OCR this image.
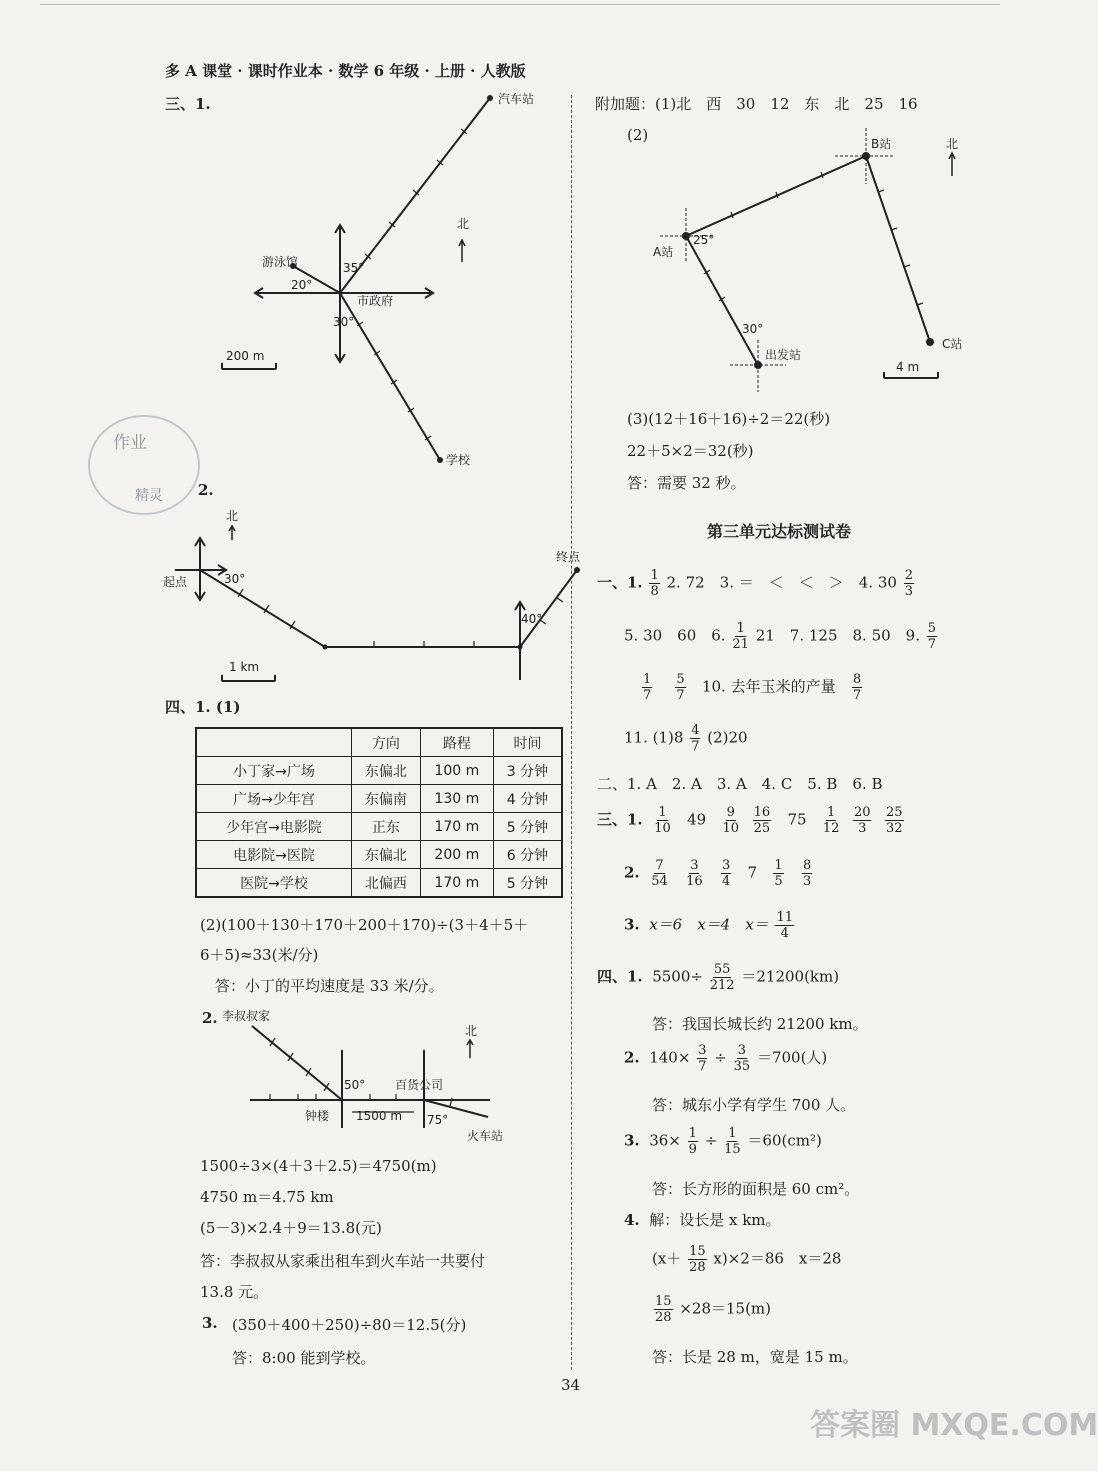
多 A 课堂 · 课时作业本 · 数学 6 年级 · 上册 · 人教版
三、1.	汽车站
游泳馆
市政府
学校
35°
20°
30°
200 m
北
起点
终点
30°
40°
1 km
北
李叔叔家
钟楼
百货公司
火车站
50°
75°
1500 m
北
B站
A站
C站
出发站
25°
30°
4 m
北
作业
精灵 2.
四、1. (1)
	方向	路程	时间
小丁家→广场	东偏北	100 m	3 分钟
广场→少年宫	东偏南	130 m	4 分钟
少年宫→电影院	正东	170 m	5 分钟
电影院→医院	东偏北	200 m	6 分钟
医院→学校	北偏西	170 m	5 分钟
(2)(100＋130＋170＋200＋170)÷(3＋4＋5＋
6＋5)≈33(米/分)
答：小丁的平均速度是 33 米/分。
2.
1500÷3×(4＋3＋2.5)＝4750(m)
4750 m＝4.75 km
(5－3)×2.4＋9＝13.8(元)
答：李叔叔从家乘出租车到火车站一共要付
13.8 元。
3. (350＋400＋250)÷80＝12.5(分)
答：8:00 能到学校。
附加题：(1)北　西　30　12　东　北　25　16
(2)
(3)(12＋16＋16)÷2＝22(秒)
22＋5×2＝32(秒)
答：需要 32 秒。
第三单元达标测试卷
一、1. $\frac{1}{8} 2$. 72　3. ＝　＜　＜　＞　4. $30 \frac{2}{3}$
5. 30　60　6. $\frac{1}{21} 21$　7. 125　8. 50　9. $\frac{5}{7}$
$\frac{1}{7}$
$\frac{5}{7} 10$. 去年玉米的产量 $\frac{8}{7}$
11. $(1)8 \frac{4}{7} (2)20$
二、1. A　2. A　3. A　4. C　5. B　6. B
三、1. $\frac{1}{10} 49 \frac{9}{10}$
$\frac{16}{25} 75 \frac{1}{12}$
$\frac{20}{3}$
$\frac{25}{32}$
2. $\frac{7}{54}$
$\frac{3}{16}$
$\frac{3}{4} 7 \frac{1}{5}$
$\frac{8}{3}$
3. x＝6　x＝4　$x= \frac{11}{4}$
四、1. $5500\div \frac{55}{212} =21200(km)$
答：我国长城长约 21200 km。
2. $140\times \frac{3}{7} \div \frac{3}{35} =700$(人)
答：城东小学有学生 700 人。
3. $36\times \frac{1}{9} \div \frac{1}{15} =60(cm^2)$
答：长方形的面积是 60 cm²。
4. 解：设长是 x km。
$(x+ \frac{15}{28} x)\times 2=86$　x＝28
$\frac{15}{28} \times 28=15(m)$
答：长是 28 m，宽是 15 m。
34
答案圈 MXQE.COM
